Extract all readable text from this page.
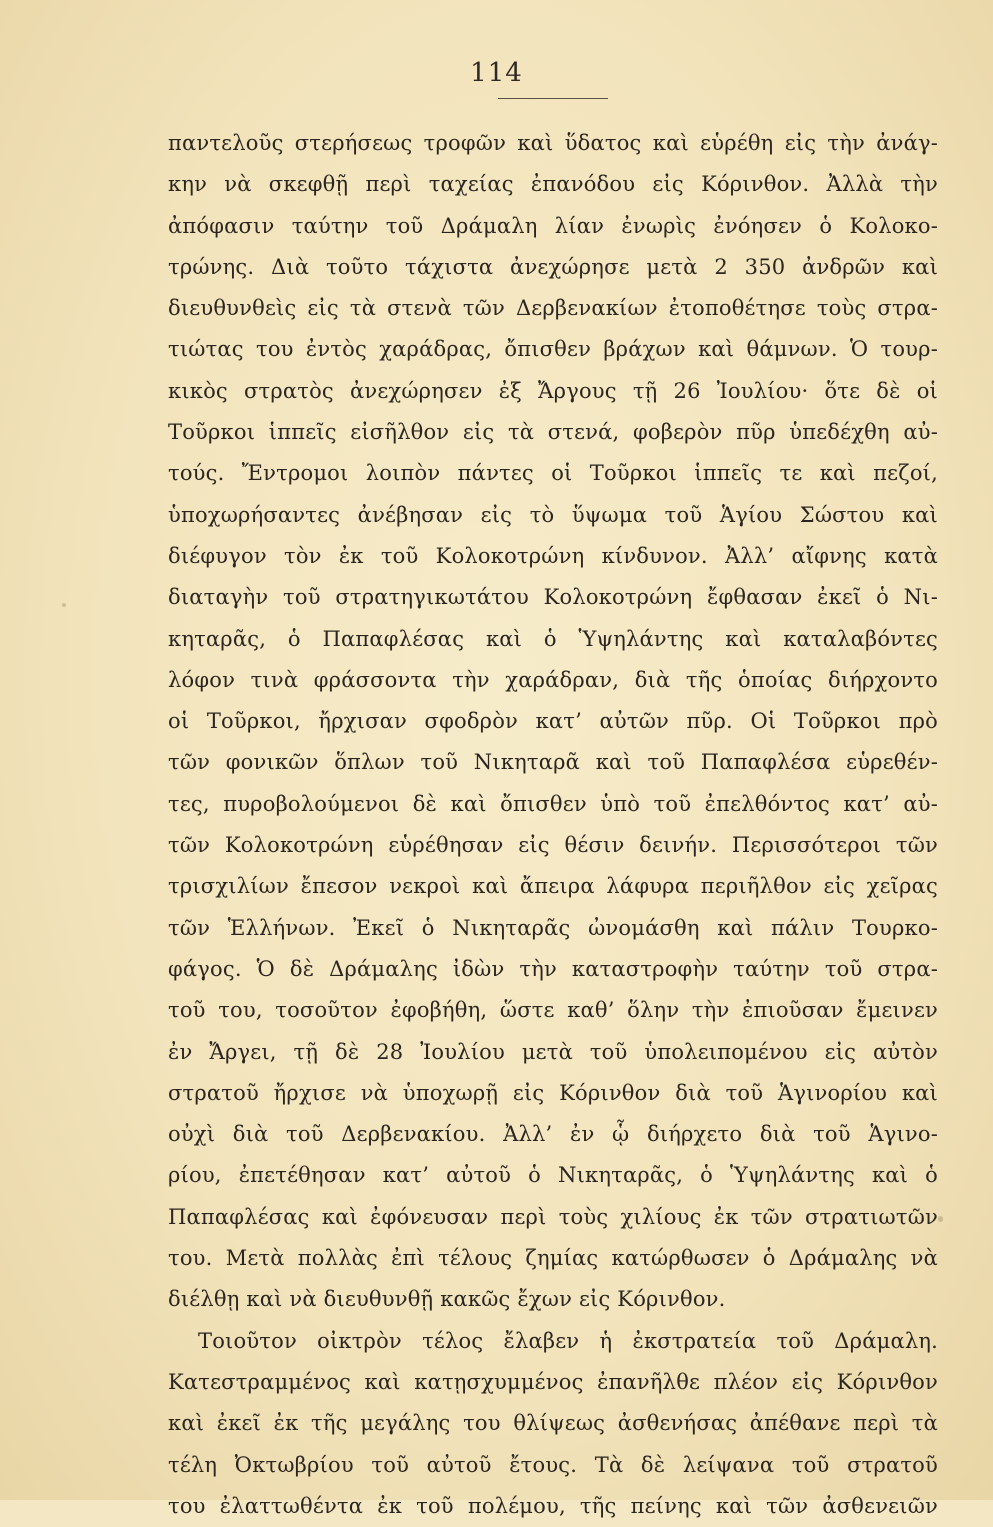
114
παντελοῦς στερήσεως τροφῶν καὶ ὕδατος καὶ εὑρέθη εἰς τὴν ἀνάγ-
κην νὰ σκεφθῇ περὶ ταχείας ἐπανόδου εἰς Κόρινθον. Ἀλλὰ τὴν
ἀπόφασιν ταύτην τοῦ Δράμαλη λίαν ἐνωρὶς ἐνόησεν ὁ Κολοκο-
τρώνης. Διὰ τοῦτο τάχιστα ἀνεχώρησε μετὰ 2 350 ἀνδρῶν καὶ
διευθυνθεὶς εἰς τὰ στενὰ τῶν Δερβενακίων ἐτοποθέτησε τοὺς στρα-
τιώτας του ἐντὸς χαράδρας, ὄπισθεν βράχων καὶ θάμνων. Ὁ τουρ-
κικὸς στρατὸς ἀνεχώρησεν ἐξ Ἄργους τῇ 26 Ἰουλίου· ὅτε δὲ οἱ
Τοῦρκοι ἱππεῖς εἰσῆλθον εἰς τὰ στενά, φοβερὸν πῦρ ὑπεδέχθη αὐ-
τούς. Ἔντρομοι λοιπὸν πάντες οἱ Τοῦρκοι ἱππεῖς τε καὶ πεζοί,
ὑποχωρήσαντες ἀνέβησαν εἰς τὸ ὕψωμα τοῦ Ἁγίου Σώστου καὶ
διέφυγον τὸν ἐκ τοῦ Κολοκοτρώνη κίνδυνον. Ἀλλ’ αἴφνης κατὰ
διαταγὴν τοῦ στρατηγικωτάτου Κολοκοτρώνη ἔφθασαν ἐκεῖ ὁ Νι-
κηταρᾶς, ὁ Παπαφλέσας καὶ ὁ Ὑψηλάντης καὶ καταλαβόντες
λόφον τινὰ φράσσοντα τὴν χαράδραν, διὰ τῆς ὁποίας διήρχοντο
οἱ Τοῦρκοι, ἤρχισαν σφοδρὸν κατ’ αὐτῶν πῦρ. Οἱ Τοῦρκοι πρὸ
τῶν φονικῶν ὅπλων τοῦ Νικηταρᾶ καὶ τοῦ Παπαφλέσα εὑρεθέν-
τες, πυροβολούμενοι δὲ καὶ ὄπισθεν ὑπὸ τοῦ ἐπελθόντος κατ’ αὐ-
τῶν Κολοκοτρώνη εὑρέθησαν εἰς θέσιν δεινήν. Περισσότεροι τῶν
τρισχιλίων ἔπεσον νεκροὶ καὶ ἄπειρα λάφυρα περιῆλθον εἰς χεῖρας
τῶν Ἑλλήνων. Ἐκεῖ ὁ Νικηταρᾶς ὠνομάσθη καὶ πάλιν Τουρκο-
φάγος. Ὁ δὲ Δράμαλης ἰδὼν τὴν καταστροφὴν ταύτην τοῦ στρα-
τοῦ του, τοσοῦτον ἐφοβήθη, ὥστε καθ’ ὅλην τὴν ἐπιοῦσαν ἔμεινεν
ἐν Ἄργει, τῇ δὲ 28 Ἰουλίου μετὰ τοῦ ὑπολειπομένου εἰς αὐτὸν
στρατοῦ ἤρχισε νὰ ὑποχωρῇ εἰς Κόρινθον διὰ τοῦ Ἁγινορίου καὶ
οὐχὶ διὰ τοῦ Δερβενακίου. Ἀλλ’ ἐν ᾧ διήρχετο διὰ τοῦ Ἁγινο-
ρίου, ἐπετέθησαν κατ’ αὐτοῦ ὁ Νικηταρᾶς, ὁ Ὑψηλάντης καὶ ὁ
Παπαφλέσας καὶ ἐφόνευσαν περὶ τοὺς χιλίους ἐκ τῶν στρατιωτῶν
του. Μετὰ πολλὰς ἐπὶ τέλους ζημίας κατώρθωσεν ὁ Δράμαλης νὰ
διέλθῃ καὶ νὰ διευθυνθῇ κακῶς ἔχων εἰς Κόρινθον.
Τοιοῦτον οἰκτρὸν τέλος ἔλαβεν ἡ ἐκστρατεία τοῦ Δράμαλη.
Κατεστραμμένος καὶ κατῃσχυμμένος ἐπανῆλθε πλέον εἰς Κόρινθον
καὶ ἐκεῖ ἐκ τῆς μεγάλης του θλίψεως ἀσθενήσας ἀπέθανε περὶ τὰ
τέλη Ὀκτωβρίου τοῦ αὐτοῦ ἔτους. Τὰ δὲ λείψανα τοῦ στρατοῦ
του ἐλαττωθέντα ἐκ τοῦ πολέμου, τῆς πείνης καὶ τῶν ἀσθενειῶν
